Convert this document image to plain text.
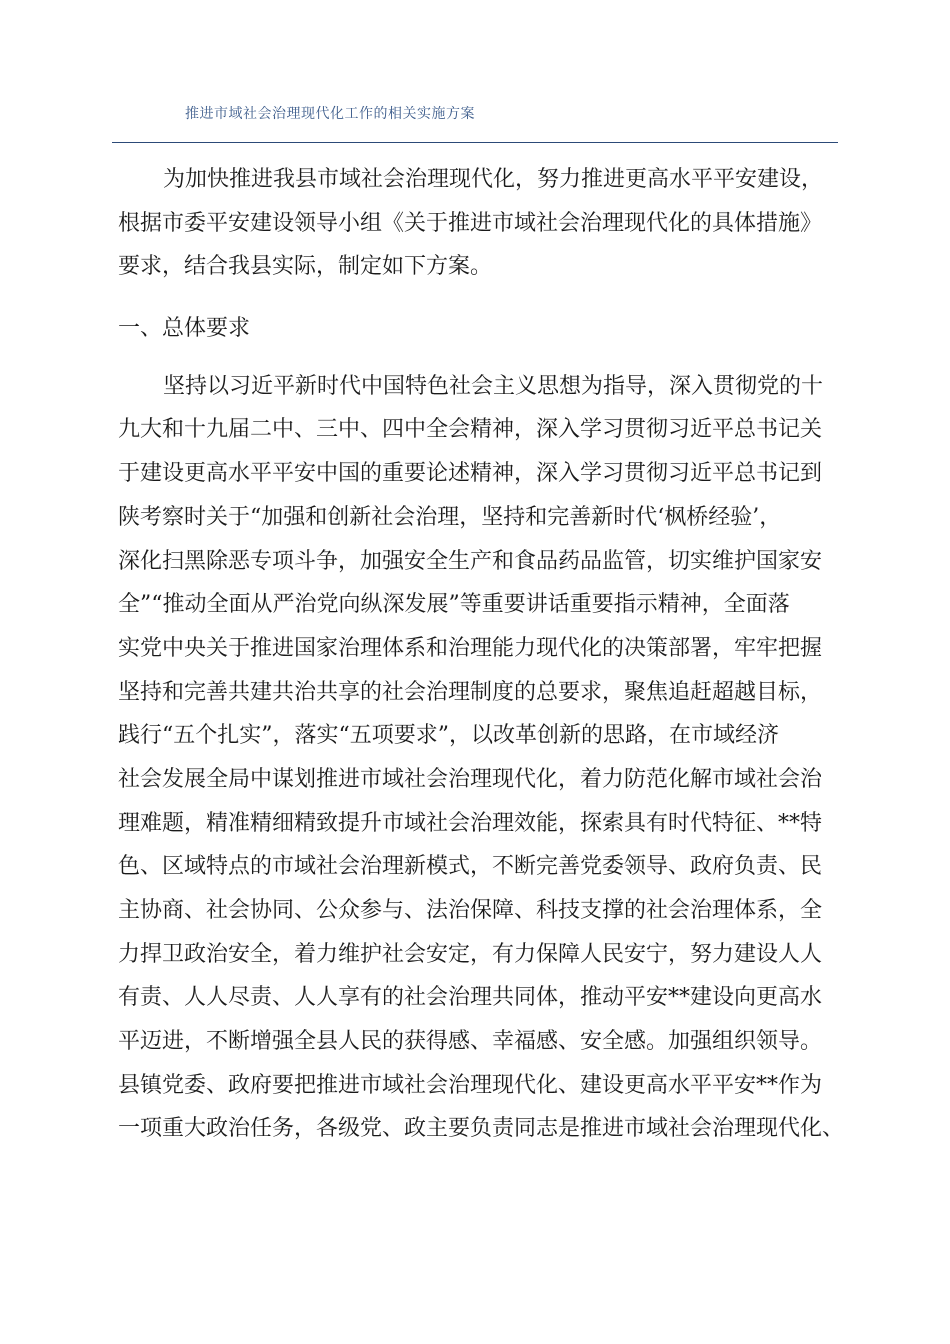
推进市域社会治理现代化工作的相关实施方案
为加快推进我县市域社会治理现代化，努力推进更高水平平安建设，
根据市委平安建设领导小组《关于推进市域社会治理现代化的具体措施》
要求，结合我县实际，制定如下方案。
一、总体要求
坚持以习近平新时代中国特色社会主义思想为指导，深入贯彻党的十
九大和十九届二中、三中、四中全会精神，深入学习贯彻习近平总书记关
于建设更高水平平安中国的重要论述精神，深入学习贯彻习近平总书记到
陕考察时关于“加强和创新社会治理，坚持和完善新时代‘枫桥经验’，
深化扫黑除恶专项斗争，加强安全生产和食品药品监管，切实维护国家安
全”“推动全面从严治党向纵深发展”等重要讲话重要指示精神，全面落
实党中央关于推进国家治理体系和治理能力现代化的决策部署，牢牢把握
坚持和完善共建共治共享的社会治理制度的总要求，聚焦追赶超越目标，
践行“五个扎实”，落实“五项要求”，以改革创新的思路，在市域经济
社会发展全局中谋划推进市域社会治理现代化，着力防范化解市域社会治
理难题，精准精细精致提升市域社会治理效能，探索具有时代特征、**特
色、区域特点的市域社会治理新模式，不断完善党委领导、政府负责、民
主协商、社会协同、公众参与、法治保障、科技支撑的社会治理体系，全
力捍卫政治安全，着力维护社会安定，有力保障人民安宁，努力建设人人
有责、人人尽责、人人享有的社会治理共同体，推动平安**建设向更高水
平迈进，不断增强全县人民的获得感、幸福感、安全感。加强组织领导。
县镇党委、政府要把推进市域社会治理现代化、建设更高水平平安**作为
一项重大政治任务，各级党、政主要负责同志是推进市域社会治理现代化、
